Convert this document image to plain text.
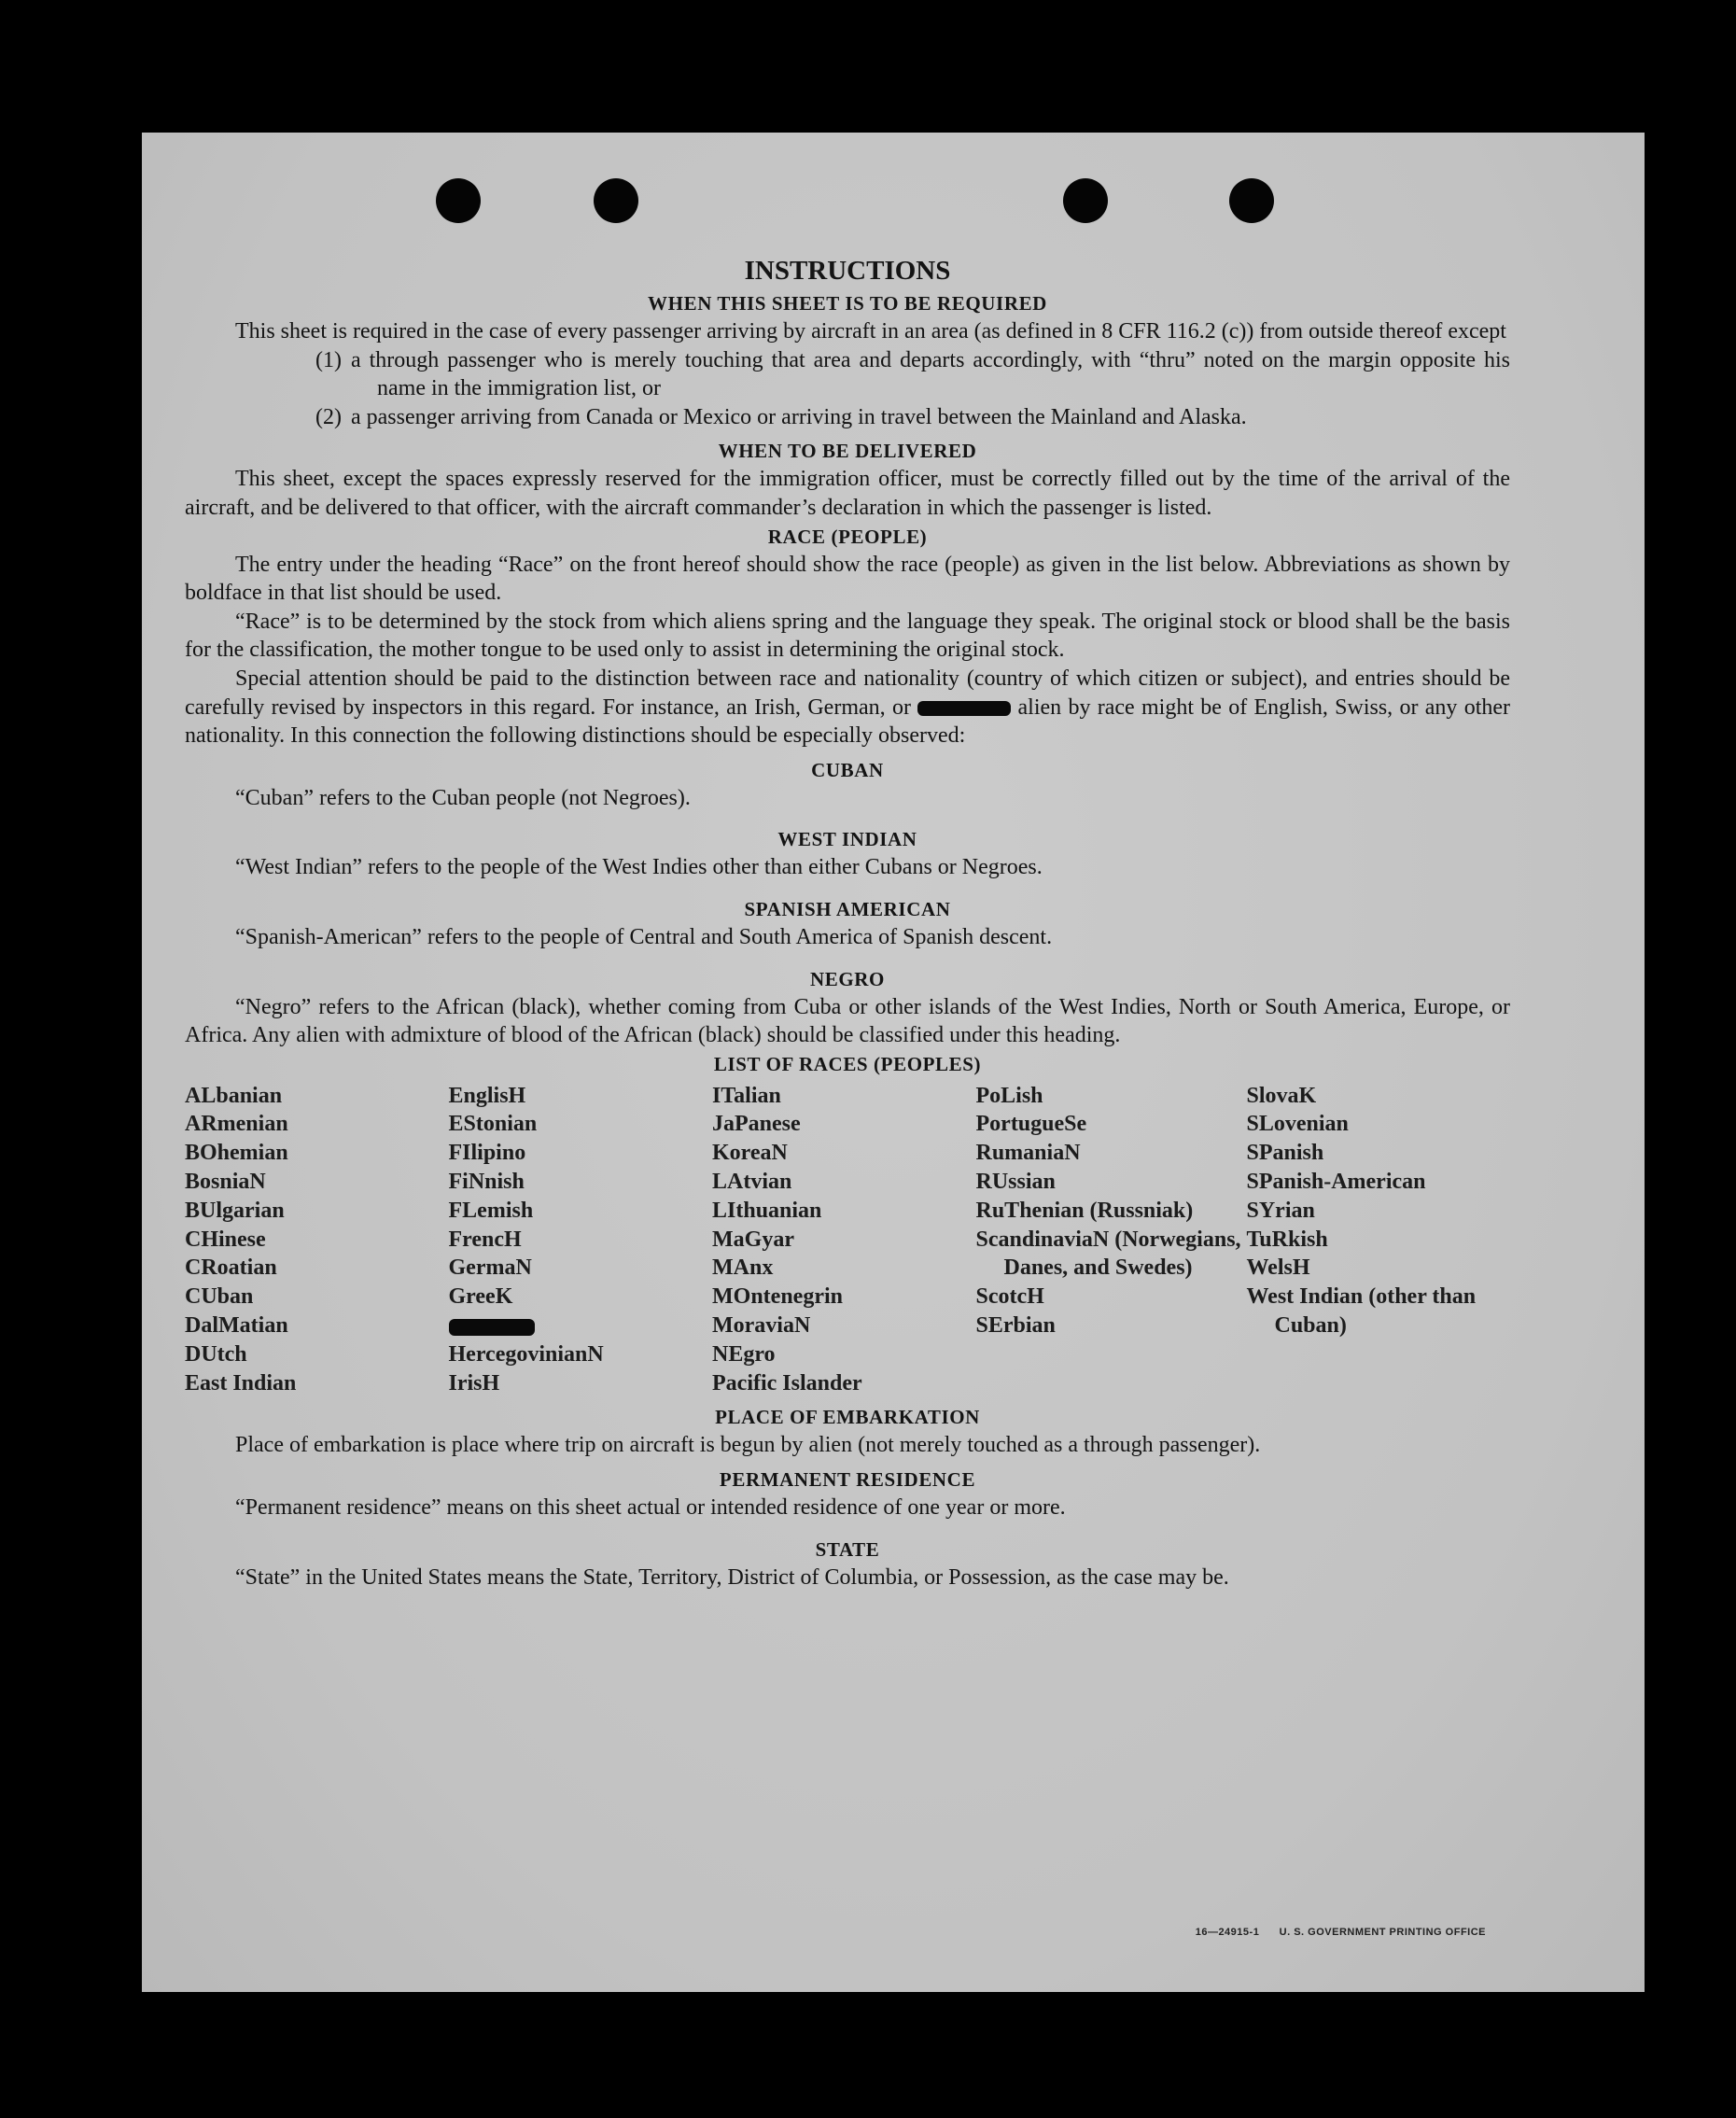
INSTRUCTIONS
WHEN THIS SHEET IS TO BE REQUIRED

This sheet is required in the case of every passenger arriving by aircraft in an area (as defined in 8 CFR 116.2 (c)) from outside thereof except

(1) a through passenger who is merely touching that area and departs accordingly, with “thru” noted on the margin opposite his name in the immigration list, or
(2) a passenger arriving from Canada or Mexico or arriving in travel between the Mainland and Alaska.
WHEN TO BE DELIVERED

This sheet, except the spaces expressly reserved for the immigration officer, must be correctly filled out by the time of the arrival of the aircraft, and be delivered to that officer, with the aircraft commander’s declaration in which the passenger is listed.

RACE (PEOPLE)

The entry under the heading “Race” on the front hereof should show the race (people) as given in the list below. Abbreviations as shown by boldface in that list should be used.

“Race” is to be determined by the stock from which aliens spring and the language they speak. The original stock or blood shall be the basis for the classification, the mother tongue to be used only to assist in determining the original stock.

Special attention should be paid to the distinction between race and nationality (country of which citizen or subject), and entries should be carefully revised by inspectors in this regard. For instance, an Irish, German, or	alien by race might be of English, Swiss, or any other nationality. In this connection the following distinctions should be especially observed:

CUBAN

“Cuban” refers to the Cuban people (not Negroes).

WEST INDIAN

“West Indian” refers to the people of the West Indies other than either Cubans or Negroes.

SPANISH AMERICAN

“Spanish-American” refers to the people of Central and South America of Spanish descent.

NEGRO

“Negro” refers to the African (black), whether coming from Cuba or other islands of the West Indies, North or South America, Europe, or Africa. Any alien with admixture of blood of the African (black) should be classified under this heading.

LIST OF RACES (PEOPLES)
ALbanian
ARmenian
BOhemian
BosniaN
BUlgarian
CHinese
CRoatian
CUban
DalMatian
DUtch
East Indian
EnglisH
EStonian
FIlipino
FiNnish
FLemish
FrencH
GermaN
GreeK
HercegovinianN
IrisH
ITalian
JaPanese
KoreaN
LAtvian
LIthuanian
MaGyar
MAnx
MOntenegrin
MoraviaN
NEgro
Pacific Islander
PoLish
PortugueSe
RumaniaN
RUssian
RuThenian (Russniak)
ScandinaviaN (Norwegians, Danes, and Swedes)
ScotcH
SErbian
SlovaK
SLovenian
SPanish
SPanish-American
SYrian
TuRkish
WelsH
West Indian (other than Cuban)
PLACE OF EMBARKATION

Place of embarkation is place where trip on aircraft is begun by alien (not merely touched as a through passenger).

PERMANENT RESIDENCE

“Permanent residence” means on this sheet actual or intended residence of one year or more.

STATE

“State” in the United States means the State, Territory, District of Columbia, or Possession, as the case may be.

16—24915-1 U. S. GOVERNMENT PRINTING OFFICE
